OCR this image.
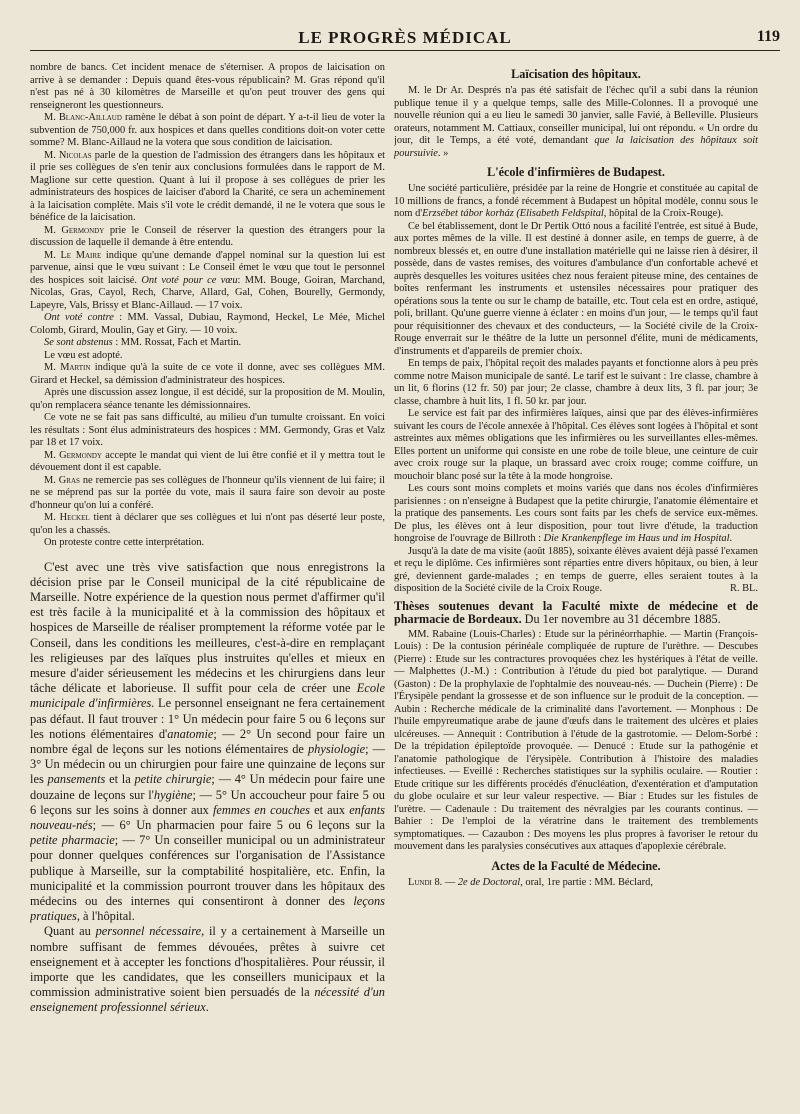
LE PROGRÈS MÉDICAL	119

nombre de bancs. Cet incident menace de s'éterniser. A propos de laicisation on arrive à se demander : Depuis quand êtes-vous républicain? M. Gras répond qu'il n'est pas né à 30 kilomètres de Marseille et qu'on peut trouver des gens qui renseigneront les questionneurs.

M. Blanc-Aillaud ramène le débat à son point de départ. Y a-t-il lieu de voter la subvention de 750,000 fr. aux hospices et dans quelles conditions doit-on voter cette somme? M. Blanc-Aillaud ne la votera que sous condition de laicisation.

M. Nicolas parle de la question de l'admission des étrangers dans les hôpitaux et il prie ses collègues de s'en tenir aux conclusions formulées dans le rapport de M. Maglione sur cette question. Quant à lui il propose à ses collègues de prier les administrateurs des hospices de laiciser d'abord la Charité, ce sera un acheminement à la laicisation complète. Mais s'il vote le crédit demandé, il ne le votera que sous le bénéfice de la laicisation.

M. Germondy prie le Conseil de réserver la question des étrangers pour la discussion de laquelle il demande à être entendu.

M. Le Maire indique qu'une demande d'appel nominal sur la question lui est parvenue, ainsi que le vœu suivant : Le Conseil émet le vœu que tout le personnel des hospices soit laicisé. Ont voté pour ce vœu: MM. Bouge, Goiran, Marchand, Nicolas, Gras, Cayol, Rech, Charve, Allard, Gal, Cohen, Bourelly, Germondy, Lapeyre, Vals, Brissy et Blanc-Aillaud. — 17 voix.

Ont voté contre : MM. Vassal, Dubiau, Raymond, Heckel, Le Mée, Michel Colomb, Girard, Moulin, Gay et Giry. — 10 voix.

Se sont abstenus : MM. Rossat, Fach et Martin.

Le vœu est adopté.

M. Martin indique qu'à la suite de ce vote il donne, avec ses collègues MM. Girard et Heckel, sa démission d'administrateur des hospices.

Après une discussion assez longue, il est décidé, sur la proposition de M. Moulin, qu'on remplacera séance tenante les démissionnaires.

Ce vote ne se fait pas sans difficulté, au milieu d'un tumulte croissant. En voici les résultats : Sont élus administrateurs des hospices : MM. Germondy, Gras et Valz par 18 et 17 voix.

M. Germondy accepte le mandat qui vient de lui être confié et il y mettra tout le dévouement dont il est capable.

M. Gras ne remercie pas ses collègues de l'honneur qu'ils viennent de lui faire; il ne se méprend pas sur la portée du vote, mais il saura faire son devoir au poste d'honneur qu'on lui a conféré.

M. Heckel tient à déclarer que ses collègues et lui n'ont pas déserté leur poste, qu'on les a chassés.

On proteste contre cette interprétation.

C'est avec une très vive satisfaction que nous enregistrons la décision prise par le Conseil municipal de la cité républicaine de Marseille. Notre expérience de la question nous permet d'affirmer qu'il est très facile à la municipalité et à la commission des hôpitaux et hospices de Marseille de réaliser promptement la réforme votée par le Conseil, dans les conditions les meilleures, c'est-à-dire en remplaçant les religieuses par des laïques plus instruites qu'elles et mieux en mesure d'aider sérieusement les médecins et les chirurgiens dans leur tâche délicate et laborieuse. Il suffit pour cela de créer une Ecole municipale d'infirmières. Le personnel enseignant ne fera certainement pas défaut. Il faut trouver : 1° Un médecin pour faire 5 ou 6 leçons sur les notions élémentaires d'anatomie; — 2° Un second pour faire un nombre égal de leçons sur les notions élémentaires de physiologie; — 3° Un médecin ou un chirurgien pour faire une quinzaine de leçons sur les pansements et la petite chirurgie; — 4° Un médecin pour faire une douzaine de leçons sur l'hygiène; — 5° Un accoucheur pour faire 5 ou 6 leçons sur les soins à donner aux femmes en couches et aux enfants nouveau-nés; — 6° Un pharmacien pour faire 5 ou 6 leçons sur la petite pharmacie; — 7° Un conseiller municipal ou un administrateur pour donner quelques conférences sur l'organisation de l'Assistance publique à Marseille, sur la comptabilité hospitalière, etc. Enfin, la municipalité et la commission pourront trouver dans les hôpitaux des médecins ou des internes qui consentiront à donner des leçons pratiques, à l'hôpital.

Quant au personnel nécessaire, il y a certainement à Marseille un nombre suffisant de femmes dévouées, prêtes à suivre cet enseignement et à accepter les fonctions d'hospitalières. Pour réussir, il importe que les candidates, que les conseillers municipaux et la commission administrative soient bien persuadés de la nécessité d'un enseignement professionnel sérieux.

Laïcisation des hôpitaux.

M. le Dr Ar. Després n'a pas été satisfait de l'échec qu'il a subi dans la réunion publique tenue il y a quelque temps, salle des Mille-Colonnes. Il a provoqué une nouvelle réunion qui a eu lieu le samedi 30 janvier, salle Favié, à Belleville. Plusieurs orateurs, notamment M. Cattiaux, conseiller municipal, lui ont répondu. « Un ordre du jour, dit le Temps, a été voté, demandant que la laicisation des hôpitaux soit poursuivie. »

L'école d'infirmières de Budapest.

Une société particulière, présidée par la reine de Hongrie et constituée au capital de 10 millions de francs, a fondé récemment à Budapest un hôpital modèle, connu sous le nom d'Erzsébet tábor korház (Elisabeth Feldspital, hôpital de la Croix-Rouge).

Ce bel établissement, dont le Dr Pertik Ottó nous a facilité l'entrée, est situé à Bude, aux portes mêmes de la ville. Il est destiné à donner asile, en temps de guerre, à de nombreux blessés et, en outre d'une installation matérielle qui ne laisse rien à désirer, il possède, dans de vastes remises, des voitures d'ambulance d'un confortable achevé et auprès desquelles les voitures usitées chez nous feraient piteuse mine, des centaines de boîtes renfermant les instruments et ustensiles nécessaires pour pratiquer des opérations sous la tente ou sur le champ de bataille, etc. Tout cela est en ordre, astiqué, poli, brillant. Qu'une guerre vienne à éclater : en moins d'un jour, — le temps qu'il faut pour réquisitionner des chevaux et des conducteurs, — la Société civile de la Croix-Rouge enverrait sur le théâtre de la lutte un personnel d'élite, muni de médicaments, d'instruments et d'appareils de premier choix.

En temps de paix, l'hôpital reçoit des malades payants et fonctionne alors à peu près comme notre Maison municipale de santé. Le tarif est le suivant : 1re classe, chambre à un lit, 6 florins (12 fr. 50) par jour; 2e classe, chambre à deux lits, 3 fl. par jour; 3e classe, chambre à huit lits, 1 fl. 50 kr. par jour.

Le service est fait par des infirmières laïques, ainsi que par des élèves-infirmières suivant les cours de l'école annexée à l'hôpital. Ces élèves sont logées à l'hôpital et sont astreintes aux mêmes obligations que les infirmières ou les surveillantes elles-mêmes. Elles portent un uniforme qui consiste en une robe de toile bleue, une ceinture de cuir avec croix rouge sur la plaque, un brassard avec croix rouge; comme coiffure, un mouchoir blanc posé sur la tête à la mode hongroise.

Les cours sont moins complets et moins variés que dans nos écoles d'infirmières parisiennes : on n'enseigne à Budapest que la petite chirurgie, l'anatomie élémentaire et la pratique des pansements. Les cours sont faits par les chefs de service eux-mêmes. De plus, les élèves ont à leur disposition, pour tout livre d'étude, la traduction hongroise de l'ouvrage de Billroth : Die Krankenpflege im Haus und im Hospital.

Jusqu'à la date de ma visite (août 1885), soixante élèves avaient déjà passé l'examen et reçu le diplôme. Ces infirmières sont réparties entre divers hôpitaux, ou bien, à leur gré, deviennent garde-malades ; en temps de guerre, elles seraient toutes à la disposition de la Société civile de la Croix Rouge.	R. BL.

Thèses soutenues devant la Faculté mixte de médecine et de pharmacie de Bordeaux. Du 1er novembre au 31 décembre 1885.

MM. Rabaine (Louis-Charles) : Etude sur la périnéorrhaphie. — Martin (François-Louis) : De la contusion périnéale compliquée de rupture de l'urèthre. — Descubes (Pierre) : Etude sur les contractures provoquées chez les hystériques à l'état de veille. — Malphettes (J.-M.) : Contribution à l'étude du pied bot paralytique. — Durand (Gaston) : De la prophylaxie de l'ophtalmie des nouveau-nés. — Duchein (Pierre) : De l'Érysipèle pendant la grossesse et de son influence sur le produit de la conception. — Aubin : Recherche médicale de la criminalité dans l'avortement. — Monphous : De l'huile empyreumatique arabe de jaune d'œufs dans le traitement des ulcères et plaies ulcéreuses. — Annequit : Contribution à l'étude de la gastrotomie. — Delom-Sorbé : De la trépidation épileptoïde provoquée. — Denucé : Etude sur la pathogénie et l'anatomie pathologique de l'érysipèle. Contribution à l'histoire des maladies infectieuses. — Eveillé : Recherches statistiques sur la syphilis oculaire. — Routier : Etude critique sur les différents procédés d'énucléation, d'exentération et d'amputation du globe oculaire et sur leur valeur respective. — Biar : Etudes sur les fistules de l'urètre. — Cadenaule : Du traitement des névralgies par les courants continus. — Bahier : De l'emploi de la vératrine dans le traitement des tremblements symptomatiques. — Cazaubon : Des moyens les plus propres à favoriser le retour du mouvement dans les paralysies consécutives aux attaques d'apoplexie cérébrale.

Actes de la Faculté de Médecine.

Lundi 8. — 2e de Doctoral, oral, 1re partie : MM. Béclard,
